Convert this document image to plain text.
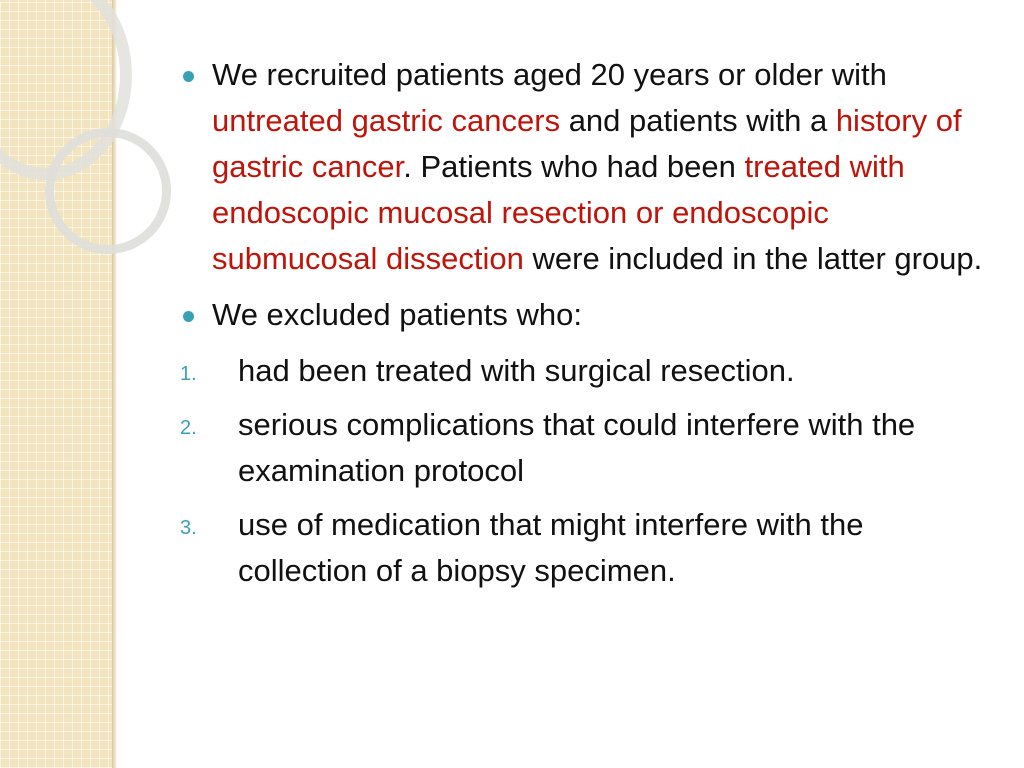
We recruited patients aged 20 years or older with untreated gastric cancers and patients with a history of gastric cancer. Patients who had been treated with endoscopic mucosal resection or endoscopic submucosal dissection were included in the latter group.
We excluded patients who:
1. had been treated with surgical resection.
2. serious complications that could interfere with the examination protocol
3. use of medication that might interfere with the collection of a biopsy specimen.
